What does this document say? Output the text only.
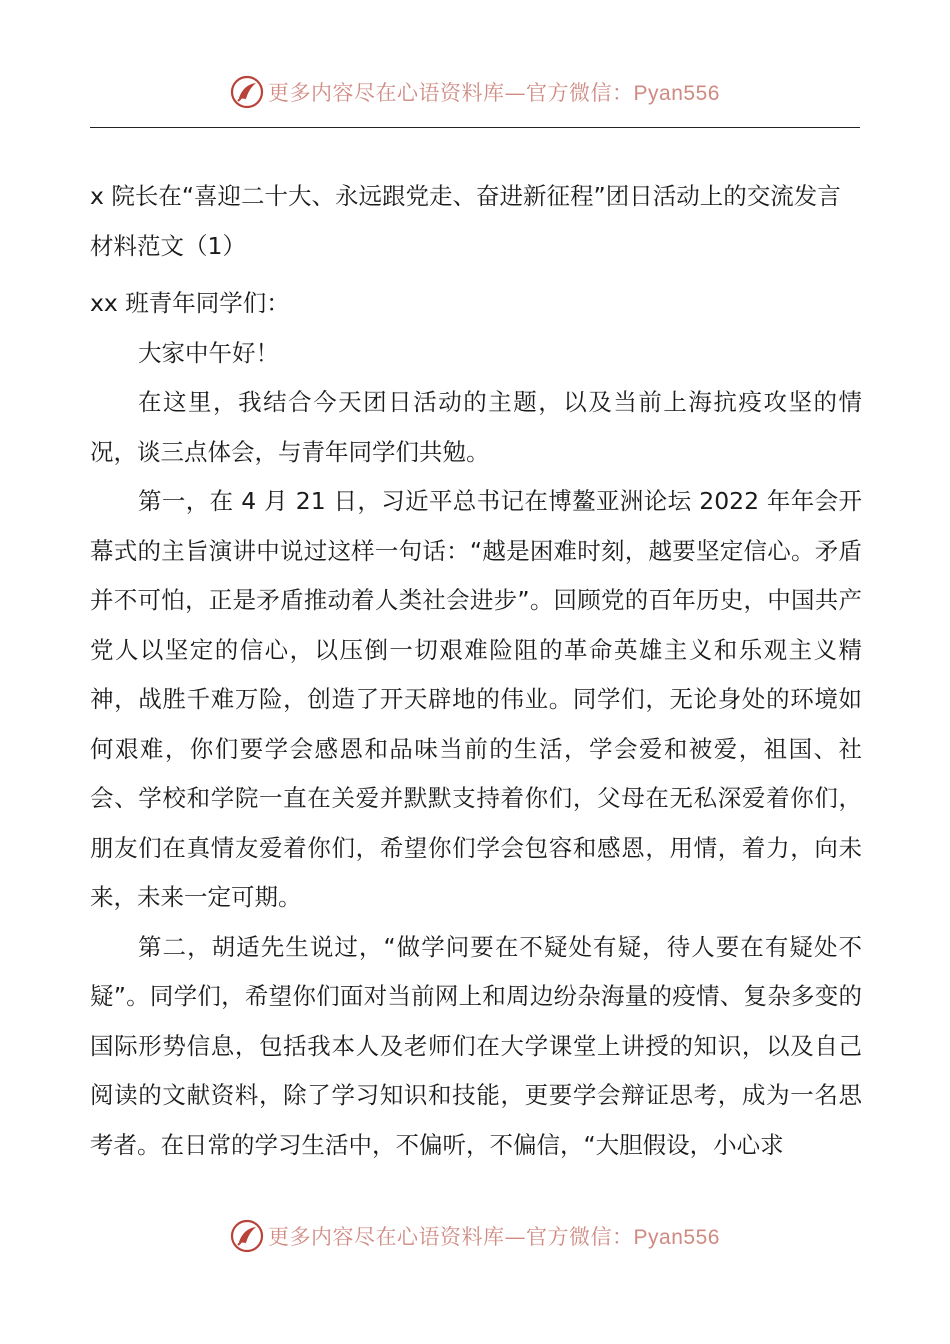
更多内容尽在心语资料库—官方微信：Pyan556

x 院长在“喜迎二十大、永远跟党走、奋进新征程”团日活动上的交流发言材料范文（1）

xx 班青年同学们：

大家中午好！

在这里，我结合今天团日活动的主题，以及当前上海抗疫攻坚的情况，谈三点体会，与青年同学们共勉。

第一，在 4 月 21 日，习近平总书记在博鳌亚洲论坛 2022 年年会开幕式的主旨演讲中说过这样一句话：“越是困难时刻，越要坚定信心。矛盾并不可怕，正是矛盾推动着人类社会进步”。回顾党的百年历史，中国共产党人以坚定的信心，以压倒一切艰难险阻的革命英雄主义和乐观主义精神，战胜千难万险，创造了开天辟地的伟业。同学们，无论身处的环境如何艰难，你们要学会感恩和品味当前的生活，学会爱和被爱，祖国、社会、学校和学院一直在关爱并默默支持着你们，父母在无私深爱着你们，朋友们在真情友爱着你们，希望你们学会包容和感恩，用情，着力，向未来，未来一定可期。

第二，胡适先生说过，“做学问要在不疑处有疑，待人要在有疑处不疑”。同学们，希望你们面对当前网上和周边纷杂海量的疫情、复杂多变的国际形势信息，包括我本人及老师们在大学课堂上讲授的知识，以及自己阅读的文献资料，除了学习知识和技能，更要学会辩证思考，成为一名思考者。在日常的学习生活中，不偏听，不偏信，“大胆假设，小心求

更多内容尽在心语资料库—官方微信：Pyan556
